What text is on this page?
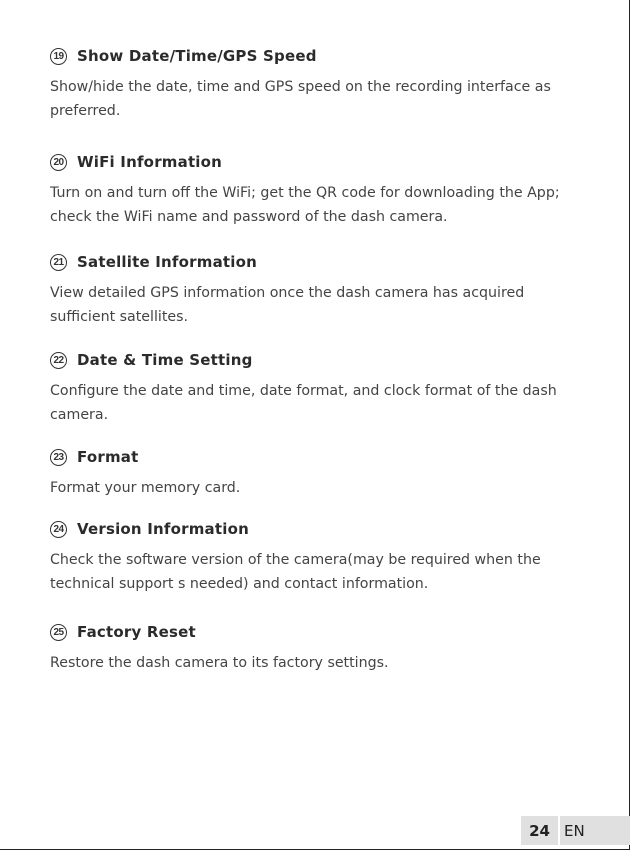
19 Show Date/Time/GPS Speed
Show/hide the date, time and GPS speed on the recording interface as
preferred.
20 WiFi Information
Turn on and turn off the WiFi; get the QR code for downloading the App;
check the WiFi name and password of the dash camera.
21 Satellite Information
View detailed GPS information once the dash camera has acquired
sufficient satellites.
22 Date & Time Setting
Configure the date and time, date format, and clock format of the dash
camera.
23 Format
Format your memory card.
24 Version Information
Check the software version of the camera(may be required when the
technical support s needed) and contact information.
25 Factory Reset
Restore the dash camera to its factory settings.
24 EN
